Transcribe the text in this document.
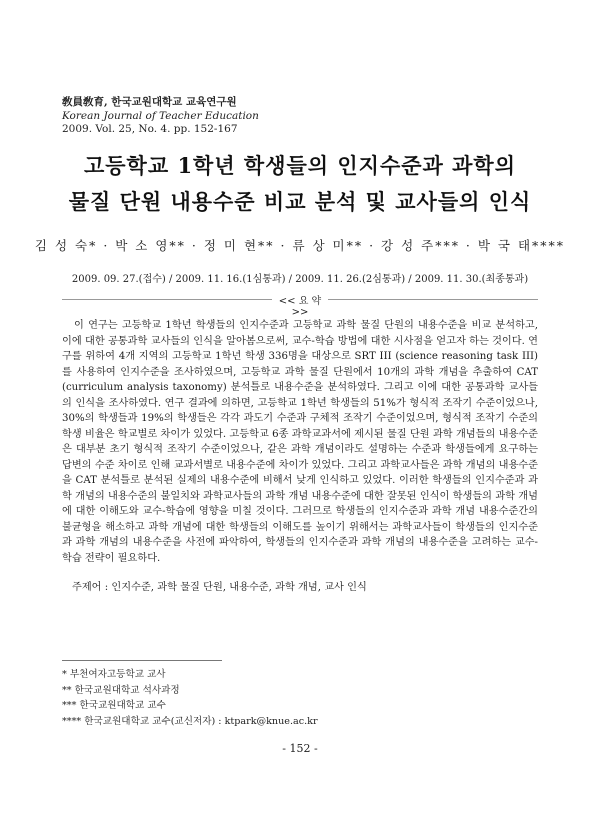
敎員敎育, 한국교원대학교 교육연구원
Korean Journal of Teacher Education
2009. Vol. 25, No. 4. pp. 152-167
고등학교 1학년 학생들의 인지수준과 과학의
물질 단원 내용수준 비교 분석 및 교사들의 인식
김 성 숙* · 박 소 영** · 정 미 현** · 류 상 미** · 강 성 주*** · 박 국 태****
2009. 09. 27.(접수) / 2009. 11. 16.(1심통과) / 2009. 11. 26.(2심통과) / 2009. 11. 30.(최종통과)
<< 요 약 >>

이 연구는 고등학교 1학년 학생들의 인지수준과 고등학교 과학 물질 단원의 내용수준을 비교 분석하고, 이에 대한 공통과학 교사들의 인식을 알아봄으로써, 교수-학습 방법에 대한 시사점을 얻고자 하는 것이다. 연구를 위하여 4개 지역의 고등학교 1학년 학생 336명을 대상으로 SRT III (science reasoning task III)를 사용하여 인지수준을 조사하였으며, 고등학교 과학 물질 단원에서 10개의 과학 개념을 추출하여 CAT (curriculum analysis taxonomy) 분석틀로 내용수준을 분석하였다. 그리고 이에 대한 공통과학 교사들의 인식을 조사하였다. 연구 결과에 의하면, 고등학교 1학년 학생들의 51%가 형식적 조작기 수준이었으나, 30%의 학생들과 19%의 학생들은 각각 과도기 수준과 구체적 조작기 수준이었으며, 형식적 조작기 수준의 학생 비율은 학교별로 차이가 있었다. 고등학교 6종 과학교과서에 제시된 물질 단원 과학 개념들의 내용수준은 대부분 초기 형식적 조작기 수준이었으나, 같은 과학 개념이라도 설명하는 수준과 학생들에게 요구하는 답변의 수준 차이로 인해 교과서별로 내용수준에 차이가 있었다. 그리고 과학교사들은 과학 개념의 내용수준을 CAT 분석틀로 분석된 실제의 내용수준에 비해서 낮게 인식하고 있었다. 이러한 학생들의 인지수준과 과학 개념의 내용수준의 불일치와 과학교사들의 과학 개념 내용수준에 대한 잘못된 인식이 학생들의 과학 개념에 대한 이해도와 교수-학습에 영향을 미칠 것이다. 그러므로 학생들의 인지수준과 과학 개념 내용수준간의 불균형을 해소하고 과학 개념에 대한 학생들의 이해도를 높이기 위해서는 과학교사들이 학생들의 인지수준과 과학 개념의 내용수준을 사전에 파악하여, 학생들의 인지수준과 과학 개념의 내용수준을 고려하는 교수-학습 전략이 필요하다.

주제어 : 인지수준, 과학 물질 단원, 내용수준, 과학 개념, 교사 인식
* 부천여자고등학교 교사
** 한국교원대학교 석사과정
*** 한국교원대학교 교수
**** 한국교원대학교 교수(교신저자) : ktpark@knue.ac.kr
- 152 -
